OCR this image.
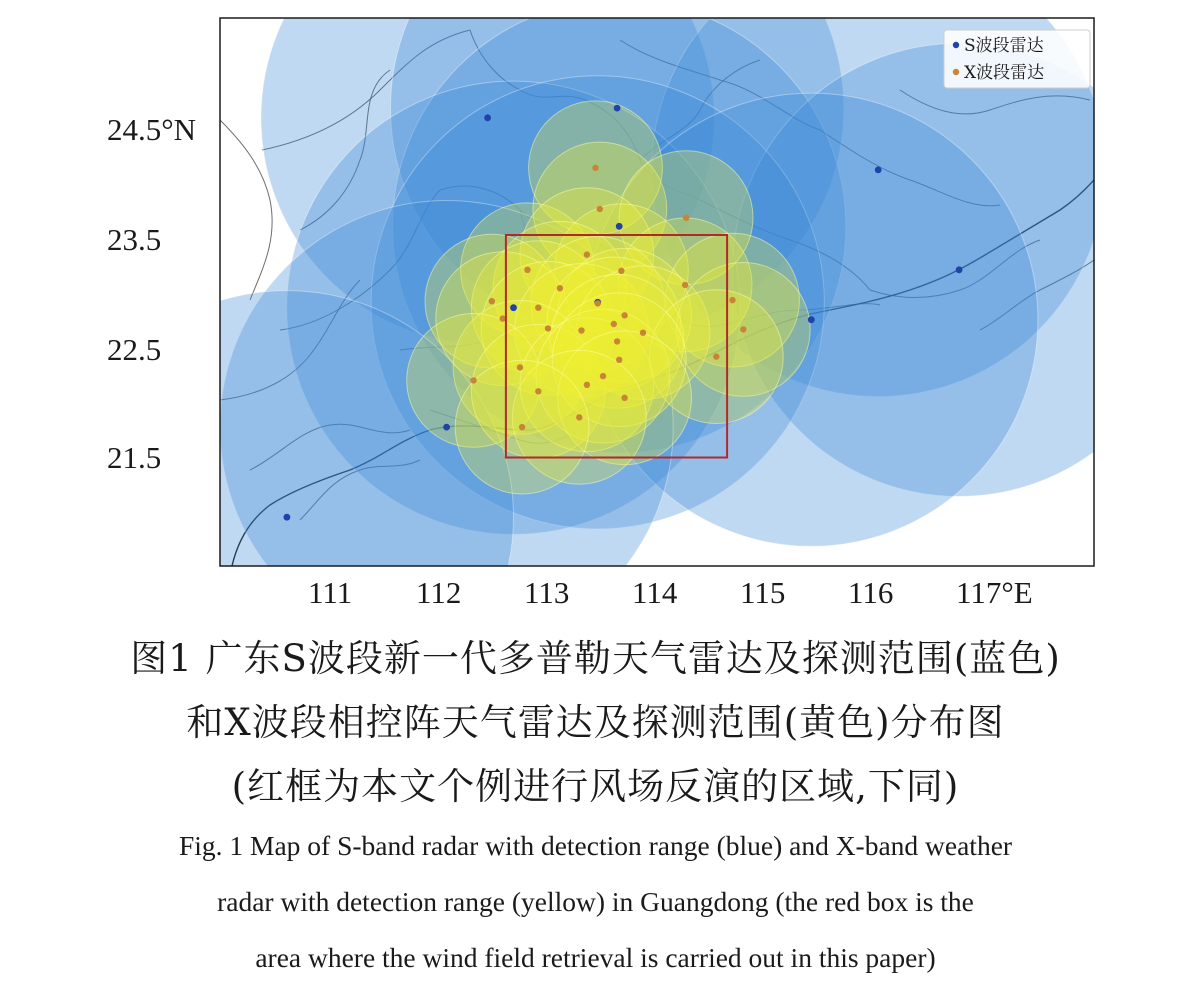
S波段雷达
X波段雷达
24.5°N
23.5
22.5
21.5
111 112 113 114 115 116 117°E
图1 广东S波段新一代多普勒天气雷达及探测范围(蓝色)
和X波段相控阵天气雷达及探测范围(黄色)分布图
(红框为本文个例进行风场反演的区域,下同)
Fig. 1 Map of S-band radar with detection range (blue) and X-band weather
radar with detection range (yellow) in Guangdong (the red box is the
area where the wind field retrieval is carried out in this paper)
